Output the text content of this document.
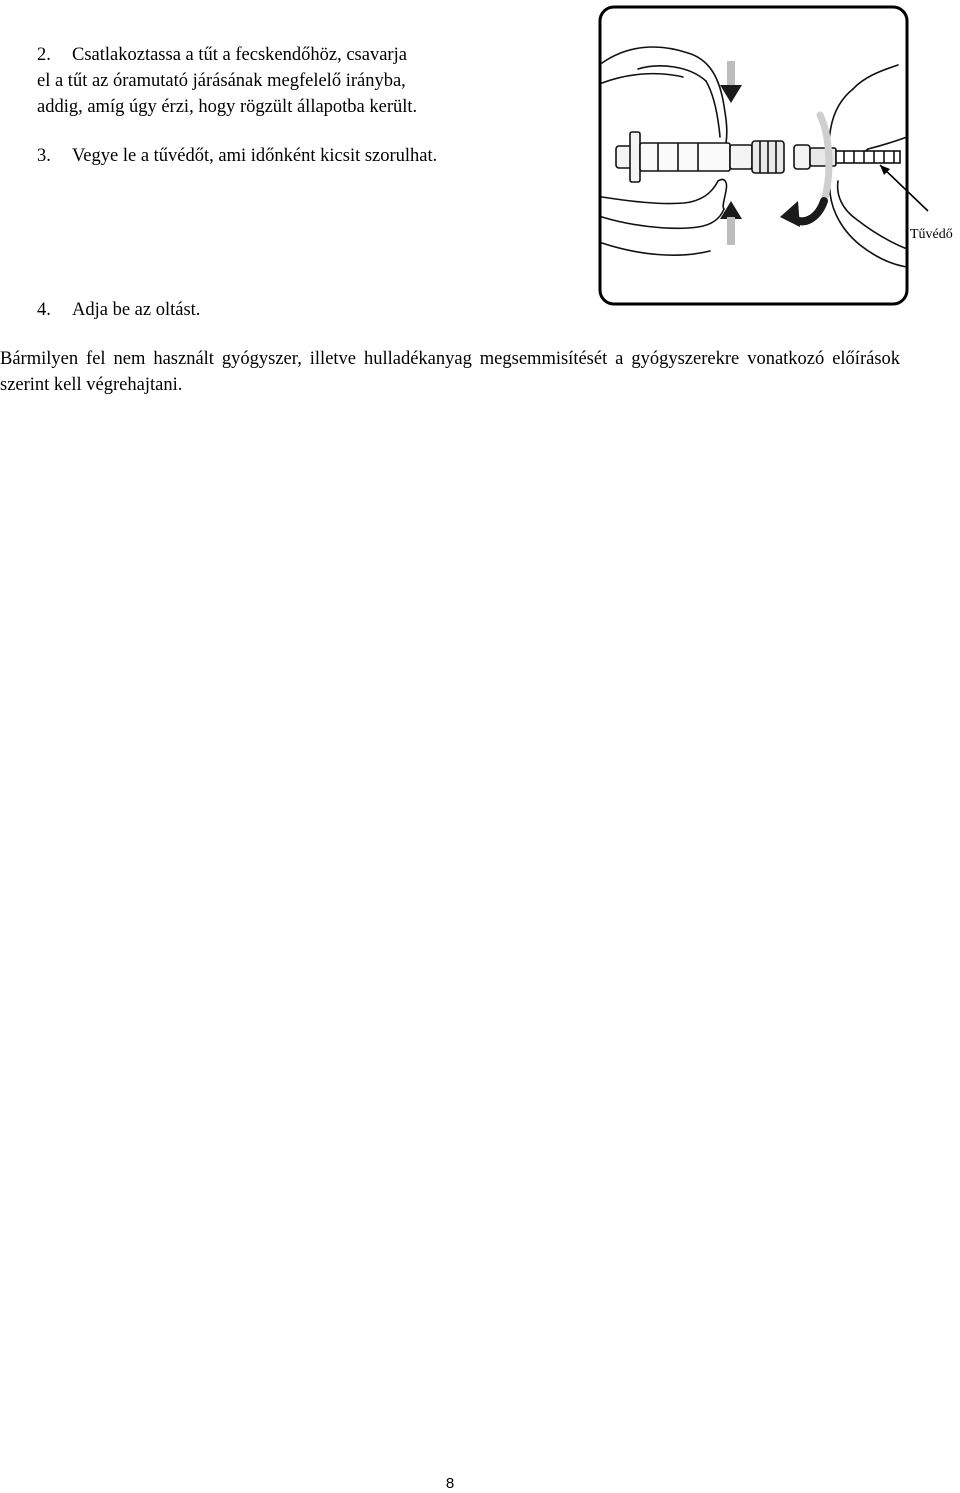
2. Csatlakoztassa a tűt a fecskendőhöz, csavarja
el a tűt az óramutató járásának megfelelő irányba,
addig, amíg úgy érzi, hogy rögzült állapotba került.
3. Vegye le a tűvédőt, ami időnként kicsit szorulhat.
Tűvédő
4. Adja be az oltást.

Bármilyen fel nem használt gyógyszer, illetve hulladékanyag megsemmisítését a gyógyszerekre vonatkozó előírások szerint kell végrehajtani.

8
